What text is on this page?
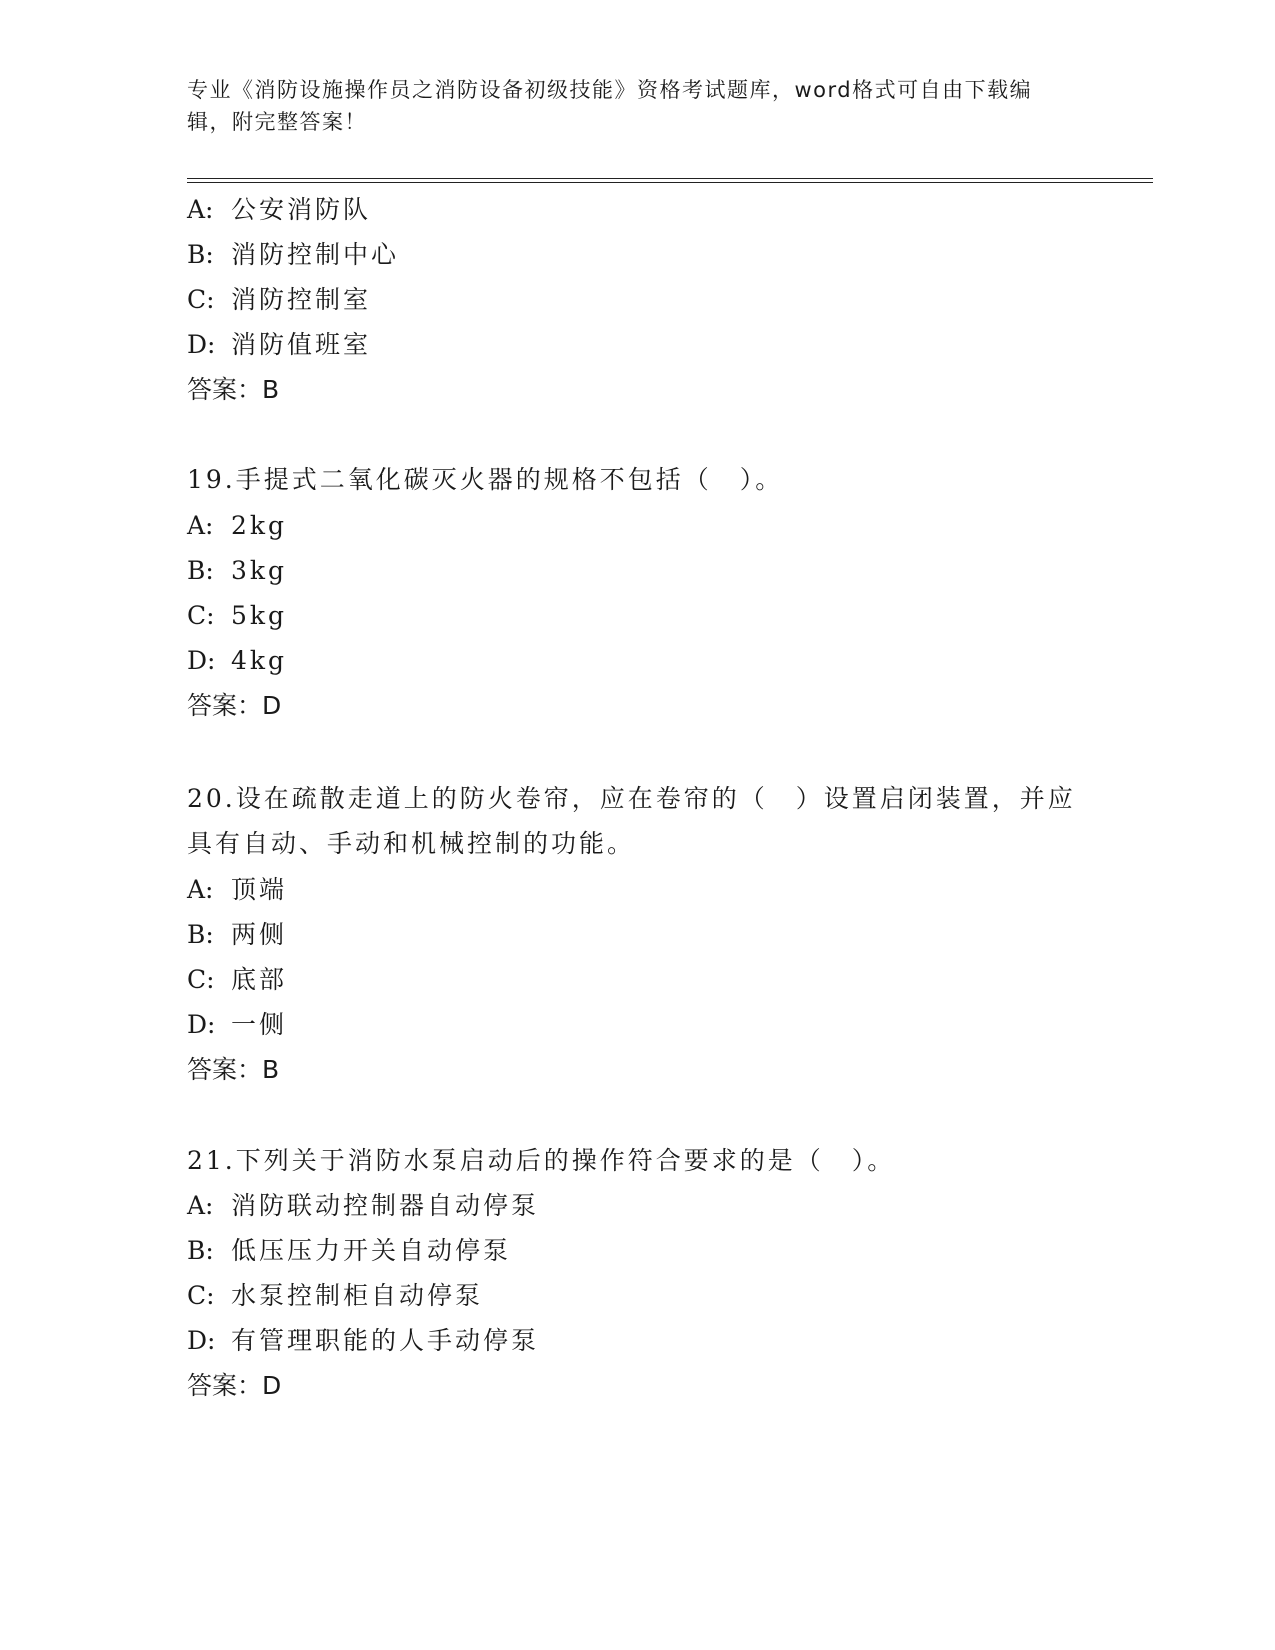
专业《消防设施操作员之消防设备初级技能》资格考试题库，word格式可自由下载编辑，附完整答案！
A: 公安消防队
B: 消防控制中心
C: 消防控制室
D: 消防值班室
答案：B
19.手提式二氧化碳灭火器的规格不包括（　）。
A: 2kg
B: 3kg
C: 5kg
D: 4kg
答案：D
20.设在疏散走道上的防火卷帘，应在卷帘的（　）设置启闭装置，并应具有自动、手动和机械控制的功能。
A: 顶端
B: 两侧
C: 底部
D: 一侧
答案：B
21.下列关于消防水泵启动后的操作符合要求的是（　）。
A: 消防联动控制器自动停泵
B: 低压压力开关自动停泵
C: 水泵控制柜自动停泵
D: 有管理职能的人手动停泵
答案：D
